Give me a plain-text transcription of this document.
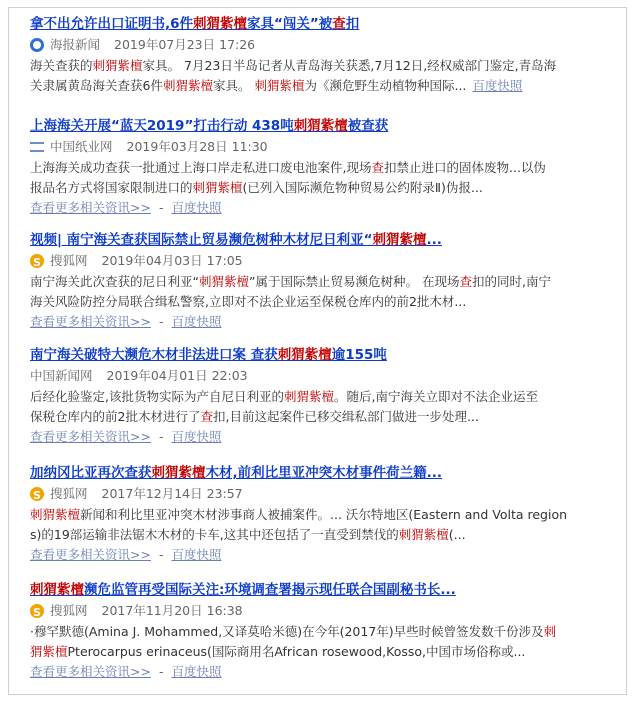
拿不出允许出口证明书,6件刺猬紫檀家具“闯关”被查扣
海报新闻 2019年07月23日 17:26
海关查获的刺猬紫檀家具。 7月23日半岛记者从青岛海关获悉,7月12日,经权威部门鉴定,青岛海
关隶属黄岛海关查获6件刺猬紫檀家具。 刺猬紫檀为《濒危野生动植物种国际... 百度快照
上海海关开展“蓝天2019”打击行动 438吨刺猬紫檀被查获
中国纸业网 2019年03月28日 11:30
上海海关成功查获一批通过上海口岸走私进口废电池案件,现场查扣禁止进口的固体废物...以伪
报品名方式将国家限制进口的刺猬紫檀(已列入国际濒危物种贸易公约附录Ⅱ)伪报...
查看更多相关资讯>> - 百度快照
视频| 南宁海关查获国际禁止贸易濒危树种木材尼日利亚“刺猬紫檀...
S
搜狐网 2019年04月03日 17:05
南宁海关此次查获的尼日利亚“刺猬紫檀”属于国际禁止贸易濒危树种。 在现场查扣的同时,南宁
海关风险防控分局联合缉私警察,立即对不法企业运至保税仓库内的前2批木材...
查看更多相关资讯>> - 百度快照
南宁海关破特大濒危木材非法进口案 查获刺猬紫檀逾155吨
中国新闻网 2019年04月01日 22:03
后经化验鉴定,该批货物实际为产自尼日利亚的刺猬紫檀。随后,南宁海关立即对不法企业运至
保税仓库内的前2批木材进行了查扣,目前这起案件已移交缉私部门做进一步处理...
查看更多相关资讯>> - 百度快照
加纳冈比亚再次查获刺猬紫檀木材,前利比里亚冲突木材事件荷兰籍...
S
搜狐网 2017年12月14日 23:57
刺猬紫檀新闻和利比里亚冲突木材涉事商人被捕案件。... 沃尔特地区(Eastern and Volta region
s)的19部运输非法锯木木材的卡车,这其中还包括了一直受到禁伐的刺猬紫檀(...
查看更多相关资讯>> - 百度快照
刺猬紫檀濒危监管再受国际关注:环境调查署揭示现任联合国副秘书长...
S
搜狐网 2017年11月20日 16:38
·穆罕默德(Amina J. Mohammed,又译莫哈米德)在今年(2017年)早些时候曾签发数千份涉及刺
猬紫檀Pterocarpus erinaceus(国际商用名African rosewood,Kosso,中国市场俗称或...
查看更多相关资讯>> - 百度快照
